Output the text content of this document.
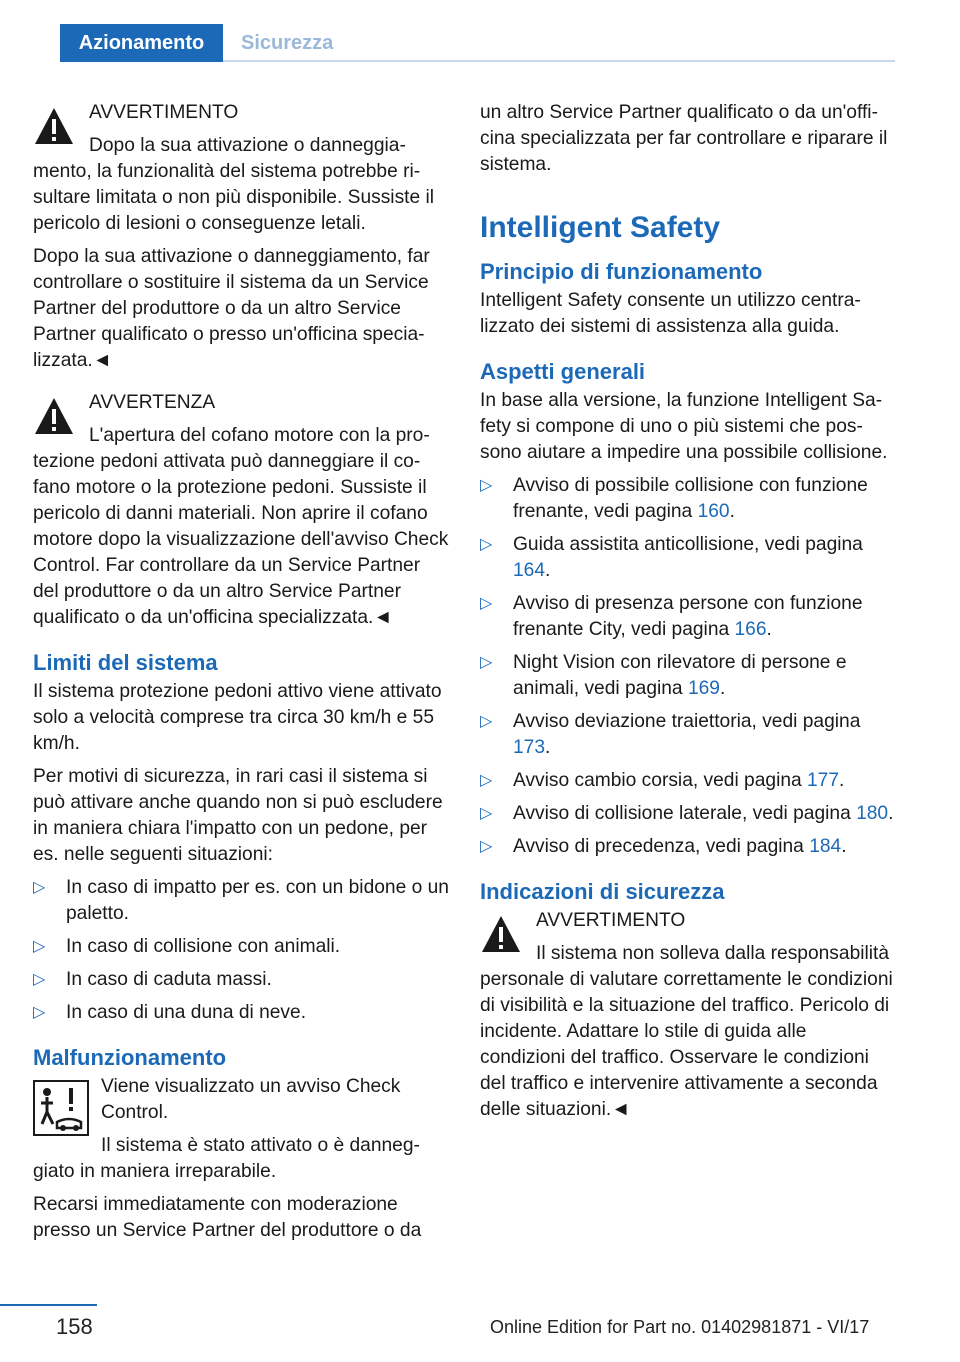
Azionamento	Sicurezza
AVVERTIMENTO
Dopo la sua attivazione o danneggiamento, la funzionalità del sistema potrebbe risultare limitata o non più disponibile. Sussiste il pericolo di lesioni o conseguenze letali.

Dopo la sua attivazione o danneggiamento, far controllare o sostituire il sistema da un Service Partner del produttore o da un altro Service Partner qualificato o presso un'officina specializzata.◄

AVVERTENZA
L'apertura del cofano motore con la protezione pedoni attivata può danneggiare il cofano motore o la protezione pedoni. Sussiste il pericolo di danni materiali. Non aprire il cofano motore dopo la visualizzazione dell'avviso Check Control. Far controllare da un Service Partner del produttore o da un altro Service Partner qualificato o da un'officina specializzata.◄
Limiti del sistema

Il sistema protezione pedoni attivo viene attivato solo a velocità comprese tra circa 30 km/h e 55 km/h.

Per motivi di sicurezza, in rari casi il sistema si può attivare anche quando non si può escludere in maniera chiara l'impatto con un pedone, per es. nelle seguenti situazioni:

▷ In caso di impatto per es. con un bidone o un paletto.
▷ In caso di collisione con animali.
▷ In caso di caduta massi.
▷ In caso di una duna di neve.
Malfunzionamento

Viene visualizzato un avviso Check Control.

Il sistema è stato attivato o è danneggiato in maniera irreparabile.

Recarsi immediatamente con moderazione presso un Service Partner del produttore o da

un altro Service Partner qualificato o da un'officina specializzata per far controllare e riparare il sistema.

Intelligent Safety
Principio di funzionamento

Intelligent Safety consente un utilizzo centralizzato dei sistemi di assistenza alla guida.

Aspetti generali

In base alla versione, la funzione Intelligent Safety si compone di uno o più sistemi che possono aiutare a impedire una possibile collisione.

▷ Avviso di possibile collisione con funzione frenante, vedi pagina 160.
▷ Guida assistita anticollisione, vedi pagina 164.
▷ Avviso di presenza persone con funzione frenante City, vedi pagina 166.
▷ Night Vision con rilevatore di persone e animali, vedi pagina 169.
▷ Avviso deviazione traiettoria, vedi pagina 173.
▷ Avviso cambio corsia, vedi pagina 177.
▷ Avviso di collisione laterale, vedi pagina 180.
▷ Avviso di precedenza, vedi pagina 184.
Indicazioni di sicurezza
AVVERTIMENTO
Il sistema non solleva dalla responsabilità personale di valutare correttamente le condizioni di visibilità e la situazione del traffico. Pericolo di incidente. Adattare lo stile di guida alle condizioni del traffico. Osservare le condizioni del traffico e intervenire attivamente a seconda delle situazioni.◄
158	Online Edition for Part no. 01402981871 - VI/17
